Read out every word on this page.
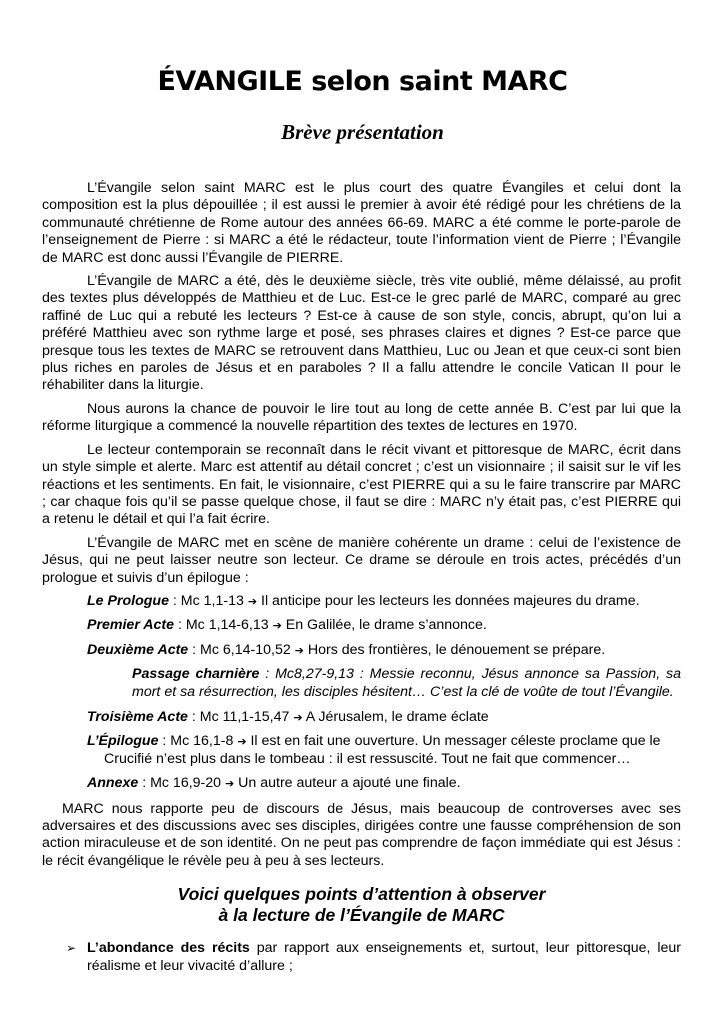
ÉVANGILE selon saint MARC
Brève présentation

L’Évangile selon saint MARC est le plus court des quatre Évangiles et celui dont la composition est la plus dépouillée ; il est aussi le premier à avoir été rédigé pour les chrétiens de la communauté chrétienne de Rome autour des années 66-69. MARC a été comme le porte-parole de l’enseignement de Pierre : si MARC a été le rédacteur, toute l’information vient de Pierre ; l’Évangile de MARC est donc aussi l’Évangile de PIERRE.

L’Évangile de MARC a été, dès le deuxième siècle, très vite oublié, même délaissé, au profit des textes plus développés de Matthieu et de Luc. Est-ce le grec parlé de MARC, comparé au grec raffiné de Luc qui a rebuté les lecteurs ? Est-ce à cause de son style, concis, abrupt, qu’on lui a préféré Matthieu avec son rythme large et posé, ses phrases claires et dignes ? Est-ce parce que presque tous les textes de MARC se retrouvent dans Matthieu, Luc ou Jean et que ceux-ci sont bien plus riches en paroles de Jésus et en paraboles ? Il a fallu attendre le concile Vatican II pour le réhabiliter dans la liturgie.

Nous aurons la chance de pouvoir le lire tout au long de cette année B. C’est par lui que la réforme liturgique a commencé la nouvelle répartition des textes de lectures en 1970.

Le lecteur contemporain se reconnaît dans le récit vivant et pittoresque de MARC, écrit dans un style simple et alerte. Marc est attentif au détail concret ; c’est un visionnaire ; il saisit sur le vif les réactions et les sentiments. En fait, le visionnaire, c’est PIERRE qui a su le faire transcrire par MARC ; car chaque fois qu’il se passe quelque chose, il faut se dire : MARC n’y était pas, c’est PIERRE qui a retenu le détail et qui l’a fait écrire.

L’Évangile de MARC met en scène de manière cohérente un drame : celui de l’existence de Jésus, qui ne peut laisser neutre son lecteur. Ce drame se déroule en trois actes, précédés d’un prologue et suivis d’un épilogue :

Le Prologue : Mc 1,1-13 ➔ Il anticipe pour les lecteurs les données majeures du drame.
Premier Acte : Mc 1,14-6,13 ➔ En Galilée, le drame s’annonce.
Deuxième Acte : Mc 6,14-10,52 ➔ Hors des frontières, le dénouement se prépare.
Passage charnière : Mc8,27-9,13 : Messie reconnu, Jésus annonce sa Passion, sa mort et sa résurrection, les disciples hésitent… C’est la clé de voûte de tout l’Évangile.
Troisième Acte : Mc 11,1-15,47 ➔ A Jérusalem, le drame éclate
L’Épilogue : Mc 16,1-8 ➔ Il est en fait une ouverture. Un messager céleste proclame que le Crucifié n’est plus dans le tombeau : il est ressuscité. Tout ne fait que commencer…
Annexe : Mc 16,9-20 ➔ Un autre auteur a ajouté une finale.

MARC nous rapporte peu de discours de Jésus, mais beaucoup de controverses avec ses adversaires et des discussions avec ses disciples, dirigées contre une fausse compréhension de son action miraculeuse et de son identité. On ne peut pas comprendre de façon immédiate qui est Jésus : le récit évangélique le révèle peu à peu à ses lecteurs.

Voici quelques points d’attention à observer
à la lecture de l’Évangile de MARC
➢ L’abondance des récits par rapport aux enseignements et, surtout, leur pittoresque, leur réalisme et leur vivacité d’allure ;
